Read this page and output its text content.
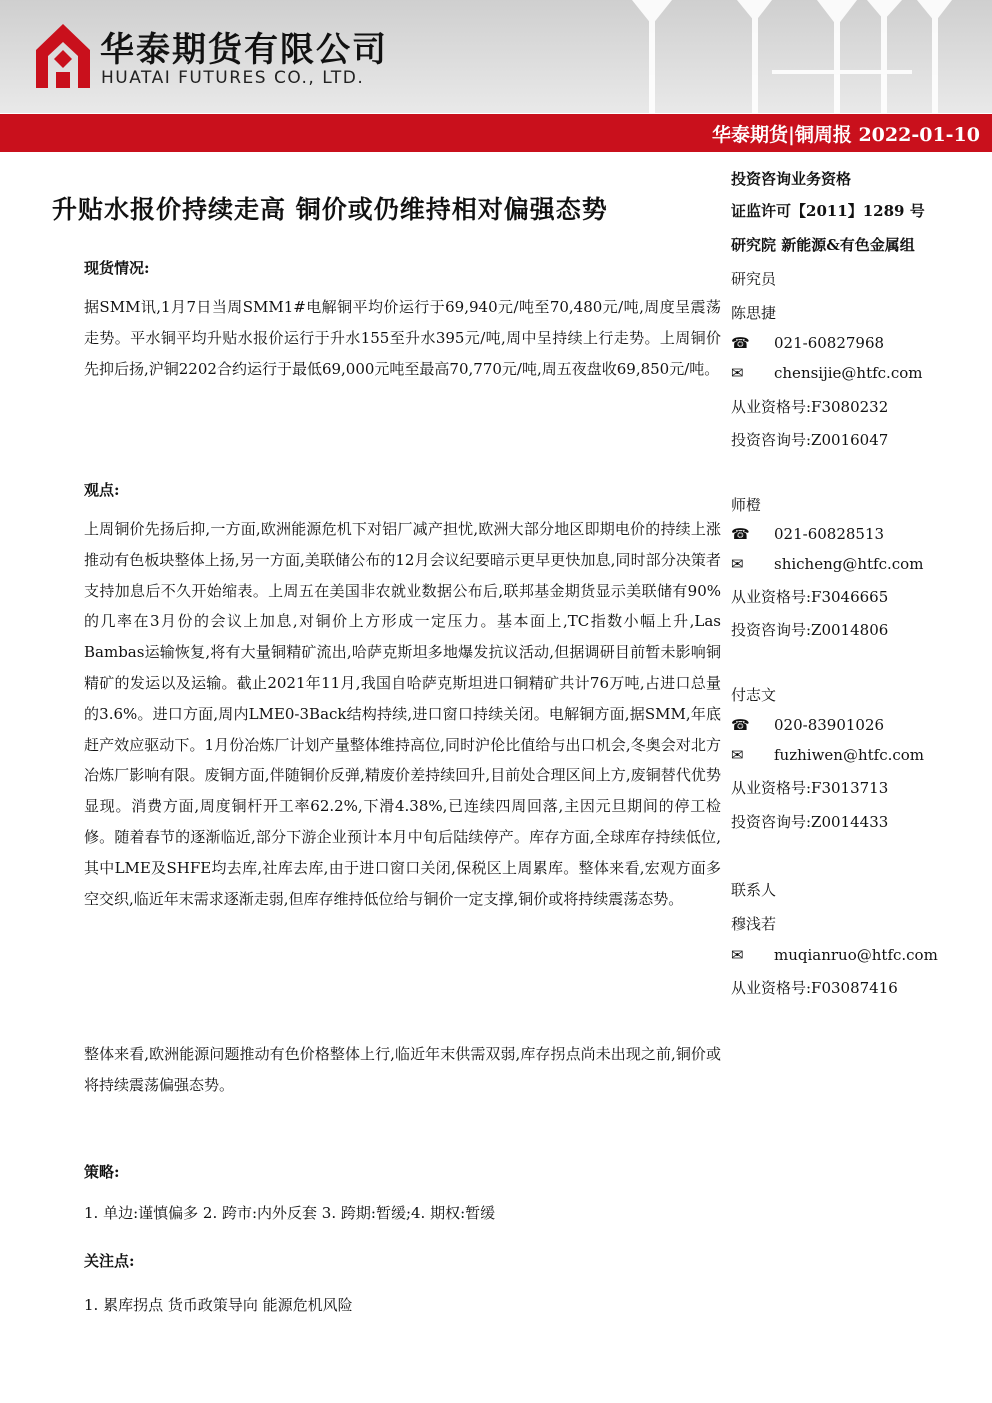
华泰期货有限公司
HUATAI FUTURES CO., LTD.
华泰期货|铜周报 2022-01-10
升贴水报价持续走高 铜价或仍维持相对偏强态势
现货情况:
据SMM讯,1月7日当周SMM1#电解铜平均价运行于69,940元/吨至70,480元/吨,周度呈震荡走势。平水铜平均升贴水报价运行于升水155至升水395元/吨,周中呈持续上行走势。上周铜价先抑后扬,沪铜2202合约运行于最低69,000元吨至最高70,770元/吨,周五夜盘收69,850元/吨。
观点:
上周铜价先扬后抑,一方面,欧洲能源危机下对铝厂减产担忧,欧洲大部分地区即期电价的持续上涨推动有色板块整体上扬,另一方面,美联储公布的12月会议纪要暗示更早更快加息,同时部分决策者支持加息后不久开始缩表。上周五在美国非农就业数据公布后,联邦基金期货显示美联储有90%的几率在3月份的会议上加息,对铜价上方形成一定压力。基本面上,TC指数小幅上升,Las Bambas运输恢复,将有大量铜精矿流出,哈萨克斯坦多地爆发抗议活动,但据调研目前暂未影响铜精矿的发运以及运输。截止2021年11月,我国自哈萨克斯坦进口铜精矿共计76万吨,占进口总量的3.6%。进口方面,周内LME0-3Back结构持续,进口窗口持续关闭。电解铜方面,据SMM,年底赶产效应驱动下。1月份冶炼厂计划产量整体维持高位,同时沪伦比值给与出口机会,冬奥会对北方冶炼厂影响有限。废铜方面,伴随铜价反弹,精废价差持续回升,目前处合理区间上方,废铜替代优势显现。消费方面,周度铜杆开工率62.2%,下滑4.38%,已连续四周回落,主因元旦期间的停工检修。随着春节的逐渐临近,部分下游企业预计本月中旬后陆续停产。库存方面,全球库存持续低位,其中LME及SHFE均去库,社库去库,由于进口窗口关闭,保税区上周累库。整体来看,宏观方面多空交织,临近年末需求逐渐走弱,但库存维持低位给与铜价一定支撑,铜价或将持续震荡态势。
整体来看,欧洲能源问题推动有色价格整体上行,临近年末供需双弱,库存拐点尚未出现之前,铜价或将持续震荡偏强态势。
策略:
1. 单边:谨慎偏多 2. 跨市:内外反套 3. 跨期:暂缓;4. 期权:暂缓
关注点:
1. 累库拐点 货币政策导向 能源危机风险
投资咨询业务资格
证监许可【2011】1289 号
研究院 新能源&有色金属组
研究员
陈思捷
☎ 021-60827968
✉ chensijie@htfc.com
从业资格号:F3080232
投资咨询号:Z0016047
师橙
☎ 021-60828513
✉ shicheng@htfc.com
从业资格号:F3046665
投资咨询号:Z0014806
付志文
☎ 020-83901026
✉ fuzhiwen@htfc.com
从业资格号:F3013713
投资咨询号:Z0014433
联系人
穆浅若
✉ muqianruo@htfc.com
从业资格号:F03087416
